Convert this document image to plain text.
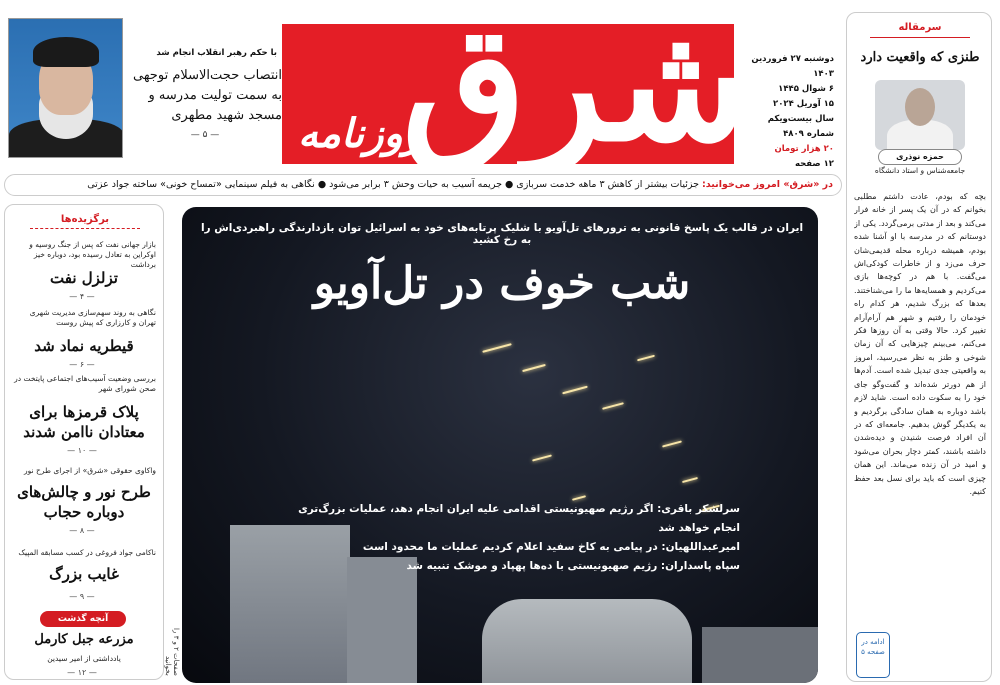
شرق
روزنامه
دوشنبه ۲۷ فروردین ۱۴۰۳
۶ شوال ۱۴۴۵
۱۵ آوریل ۲۰۲۴
سال بیست‌ویکم
شماره ۴۸۰۹
۲۰ هزار تومان
۱۲ صفحه
با حکم رهبر انقلاب انجام شد
انتصاب حجت‌الاسلام توجهی به سمت تولیت مدرسه و مسجد شهید مطهری
— ۵ —
در «شرق» امروز می‌خوانید: جزئیات بیشتر از کاهش ۳ ماهه خدمت سربازی ● جریمه آسیب به حیات وحش ۳ برابر می‌شود ● نگاهی به فیلم سینمایی «تمساح خونی» ساخته جواد عزتی
سرمقاله
طنزی که واقعیت دارد
حمزه نوذری
جامعه‌شناس و استاد دانشگاه
بچه که بودم، عادت داشتم مطلبی بخوانم که در آن یک پسر از خانه فرار می‌کند و بعد از مدتی برمی‌گردد. یکی از دوستانم که در مدرسه با او آشنا شده بودم، همیشه درباره محله قدیمی‌شان حرف می‌زد و از خاطرات کودکی‌اش می‌گفت. با هم در کوچه‌ها بازی می‌کردیم و همسایه‌ها ما را می‌شناختند. بعدها که بزرگ شدیم، هر کدام راه خودمان را رفتیم و شهر هم آرام‌آرام تغییر کرد. حالا وقتی به آن روزها فکر می‌کنم، می‌بینم چیزهایی که آن زمان شوخی و طنز به نظر می‌رسید، امروز به واقعیتی جدی تبدیل شده است. آدم‌ها از هم دورتر شده‌اند و گفت‌وگو جای خود را به سکوت داده است. شاید لازم باشد دوباره به همان سادگی برگردیم و به یکدیگر گوش بدهیم. جامعه‌ای که در آن افراد فرصت شنیدن و دیده‌شدن داشته باشند، کمتر دچار بحران می‌شود و امید در آن زنده می‌ماند. این همان چیزی است که باید برای نسل بعد حفظ کنیم.
ادامه در صفحه ۵
برگزیده‌ها
بازار جهانی نفت که پس از جنگ روسیه و اوکراین به تعادل رسیده بود، دوباره خیز برداشت
تزلزل نفت
— ۴ —
نگاهی به روند سهم‌سازی مدیریت شهری تهران و کارزاری که پیش روست
قیطریه نماد شد
— ۶ —
بررسی وضعیت آسیب‌های اجتماعی پایتخت در صحن شورای شهر
پلاک قرمزها برای معتادان ناامن شدند
— ۱۰ —
واکاوی حقوقی «شرق» از اجرای طرح نور
طرح نور و چالش‌های دوباره حجاب
— ۸ —
ناکامی جواد فروغی در کسب مسابقه المپیک
غایب بزرگ
— ۹ —
آنچه گذشت
مزرعه جبل کارمل
یادداشتی از امیر سیدین
— ۱۲ —
ایران در قالب یک پاسخ قانونی به ترورهای تل‌آویو با شلیک پرتابه‌های خود به اسرائیل توان بازدارندگی راهبردی‌اش را به رخ کشید
شب خوف در تل‌آویو
سرلشکر باقری: اگر رژیم صهیونیستی اقدامی علیه ایران انجام دهد، عملیات بزرگ‌تری انجام خواهد شد
امیرعبداللهیان: در پیامی به کاخ سفید اعلام کردیم عملیات ما محدود است
سپاه پاسداران: رژیم صهیونیستی با ده‌ها پهپاد و موشک تنبیه شد
صفحات ۲ و ۳ را بخوانید
